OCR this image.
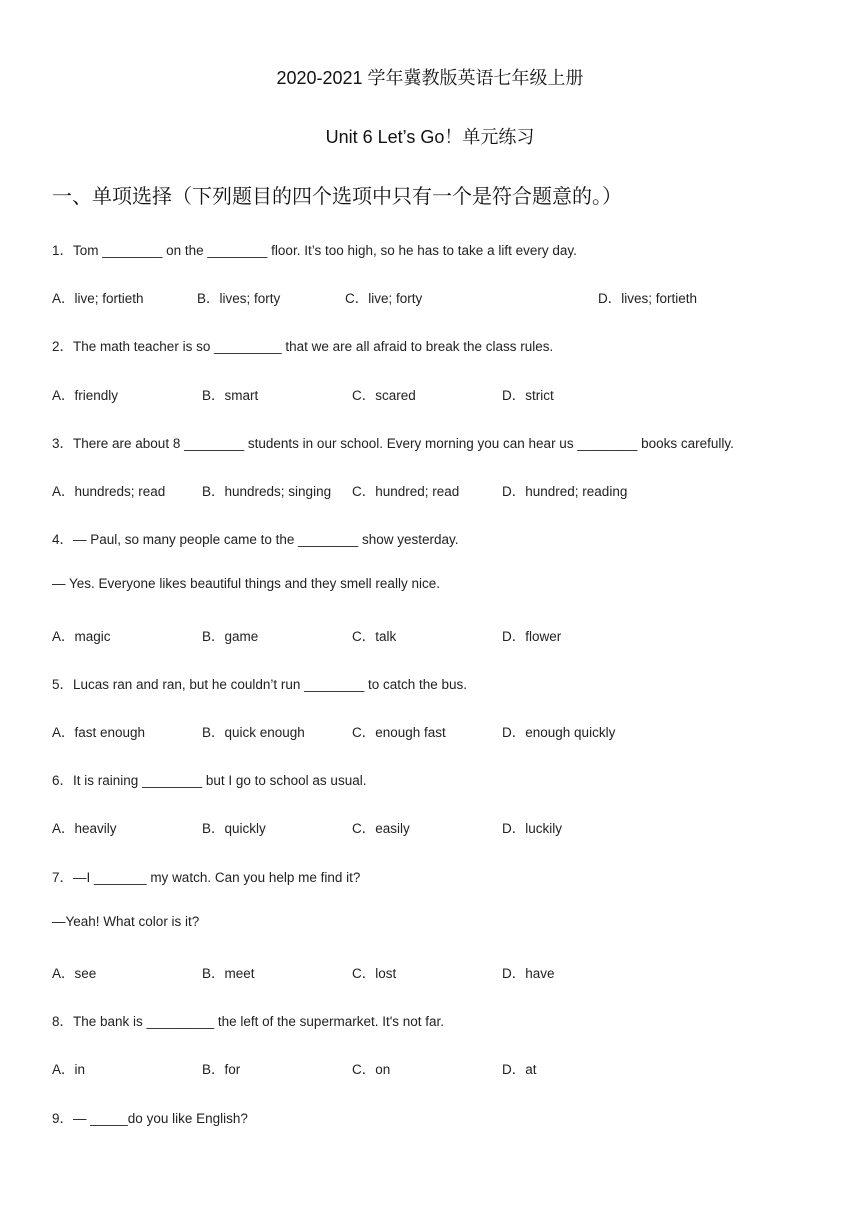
2020-2021 学年冀教版英语七年级上册
Unit 6 Let’s Go！单元练习
一、单项选择（下列题目的四个选项中只有一个是符合题意的。）
1．Tom ________ on the ________ floor. It’s too high, so he has to take a lift every day.
A．live; fortieth	B．lives; forty	C．live; forty	D．lives; fortieth
2．The math teacher is so _________ that we are all afraid to break the class rules.
A．friendly	B．smart	C．scared	D．strict
3．There are about 8 ________ students in our school. Every morning you can hear us ________ books carefully.
A．hundreds; read	B．hundreds; singing C．hundred; read	D．hundred; reading
4．— Paul, so many people came to the ________ show yesterday.
— Yes. Everyone likes beautiful things and they smell really nice.
A．magic	B．game	C．talk	D．flower
5．Lucas ran and ran, but he couldn’t run ________ to catch the bus.
A．fast enough	B．quick enough	C．enough fast	D．enough quickly
6．It is raining ________ but I go to school as usual.
A．heavily	B．quickly	C．easily	D．luckily
7．—I _______ my watch. Can you help me find it?
—Yeah! What color is it?
A．see	B．meet	C．lost	D．have
8．The bank is _________ the left of the supermarket. It's not far.
A．in	B．for	C．on	D．at
9．— _____do you like English?
